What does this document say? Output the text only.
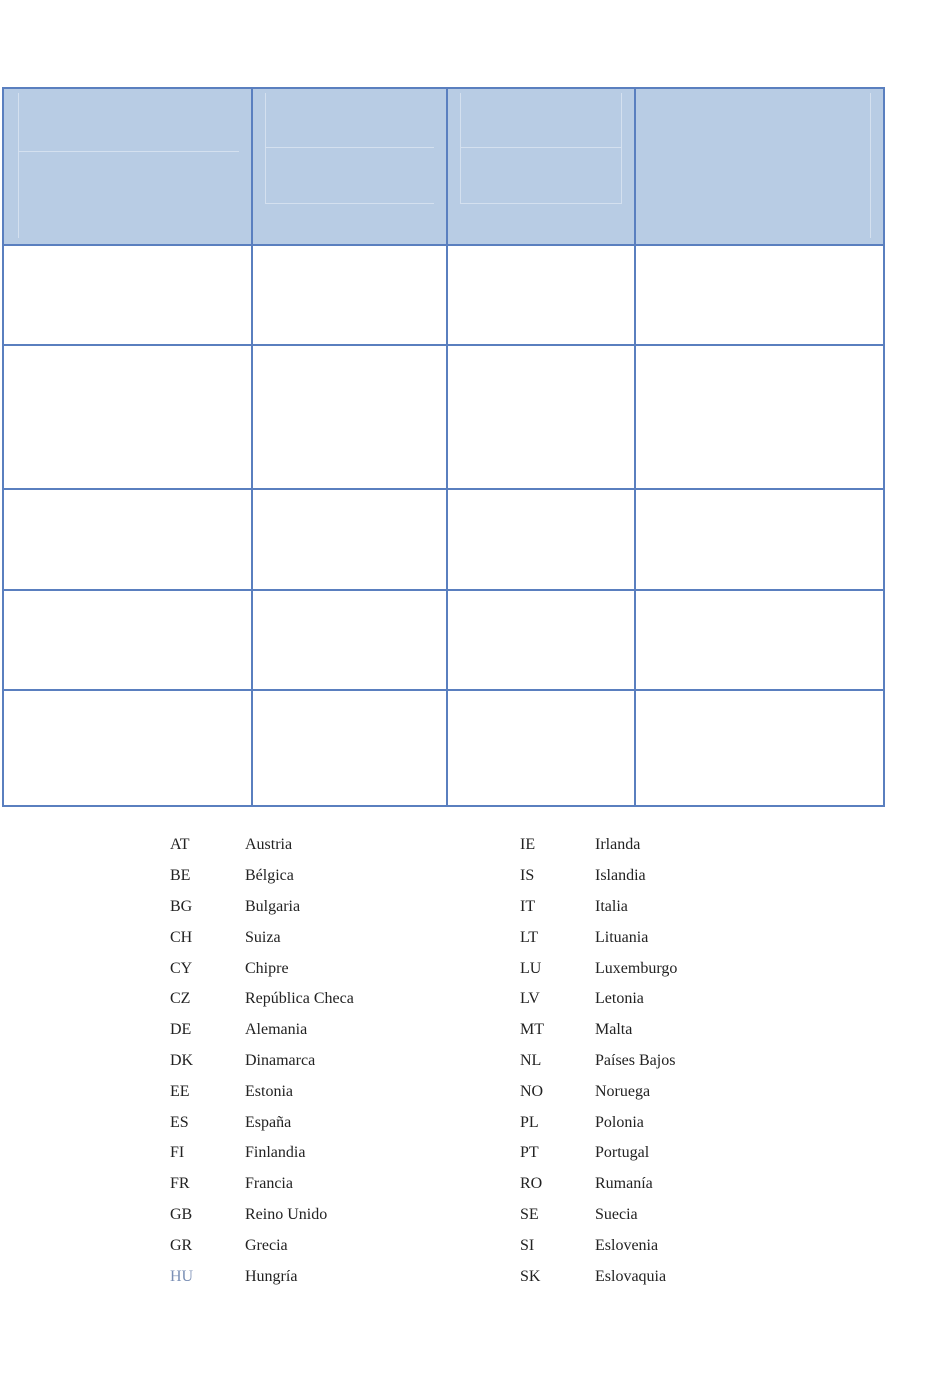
AT	Austria
BE	Bélgica
BG	Bulgaria
CH	Suiza
CY	Chipre
CZ	República Checa
DE	Alemania
DK	Dinamarca
EE	Estonia
ES	España
FI	Finlandia
FR	Francia
GB	Reino Unido
GR	Grecia
HU	Hungría
IE	Irlanda
IS	Islandia
IT	Italia
LT	Lituania
LU	Luxemburgo
LV	Letonia
MT	Malta
NL	Países Bajos
NO	Noruega
PL	Polonia
PT	Portugal
RO	Rumanía
SE	Suecia
SI	Eslovenia
SK	Eslovaquia
